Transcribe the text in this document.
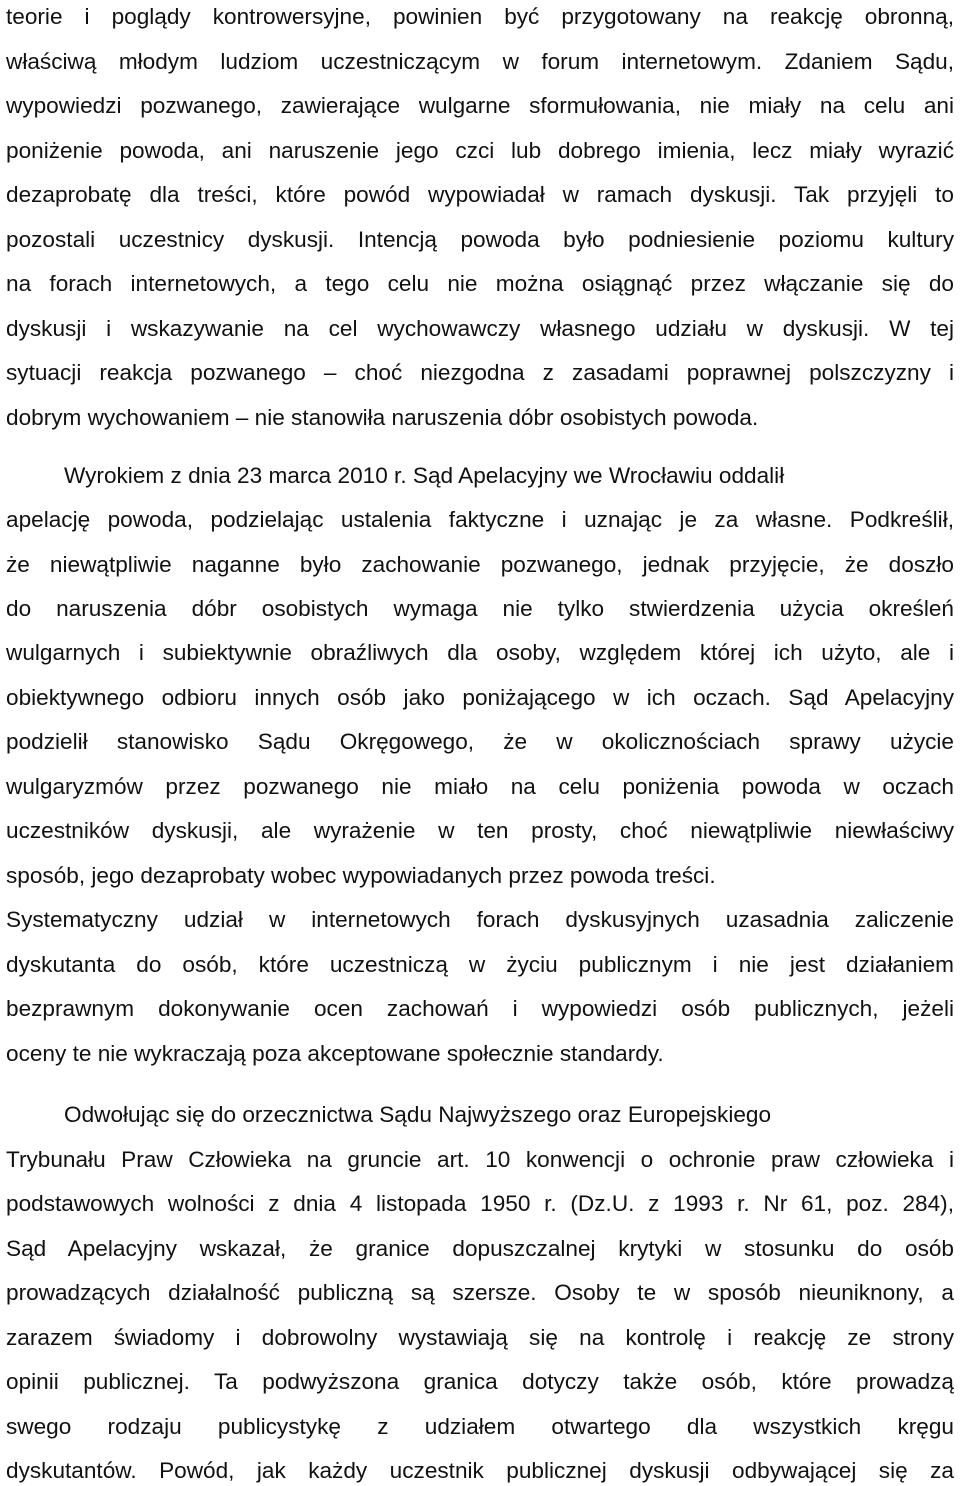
teorie i poglądy kontrowersyjne, powinien być przygotowany na reakcję obronną,
właściwą młodym ludziom uczestniczącym w forum internetowym. Zdaniem Sądu,
wypowiedzi pozwanego, zawierające wulgarne sformułowania, nie miały na celu ani
poniżenie powoda, ani naruszenie jego czci lub dobrego imienia, lecz miały wyrazić
dezaprobatę dla treści, które powód wypowiadał w ramach dyskusji. Tak przyjęli to
pozostali uczestnicy dyskusji. Intencją powoda było podniesienie poziomu kultury
na forach internetowych, a tego celu nie można osiągnąć przez włączanie się do
dyskusji i wskazywanie na cel wychowawczy własnego udziału w dyskusji. W tej
sytuacji reakcja pozwanego – choć niezgodna z zasadami poprawnej polszczyzny i
dobrym wychowaniem – nie stanowiła naruszenia dóbr osobistych powoda.
Wyrokiem z dnia 23 marca 2010 r. Sąd Apelacyjny we Wrocławiu oddalił
apelację powoda, podzielając ustalenia faktyczne i uznając je za własne. Podkreślił,
że niewątpliwie naganne było zachowanie pozwanego, jednak przyjęcie, że doszło
do naruszenia dóbr osobistych wymaga nie tylko stwierdzenia użycia określeń
wulgarnych i subiektywnie obraźliwych dla osoby, względem której ich użyto, ale i
obiektywnego odbioru innych osób jako poniżającego w ich oczach. Sąd Apelacyjny
podzielił stanowisko Sądu Okręgowego, że w okolicznościach sprawy użycie
wulgaryzmów przez pozwanego nie miało na celu poniżenia powoda w oczach
uczestników dyskusji, ale wyrażenie w ten prosty, choć niewątpliwie niewłaściwy
sposób, jego dezaprobaty wobec wypowiadanych przez powoda treści.
Systematyczny udział w internetowych forach dyskusyjnych uzasadnia zaliczenie
dyskutanta do osób, które uczestniczą w życiu publicznym i nie jest działaniem
bezprawnym dokonywanie ocen zachowań i wypowiedzi osób publicznych, jeżeli
oceny te nie wykraczają poza akceptowane społecznie standardy.
Odwołując się do orzecznictwa Sądu Najwyższego oraz Europejskiego
Trybunału Praw Człowieka na gruncie art. 10 konwencji o ochronie praw człowieka i
podstawowych wolności z dnia 4 listopada 1950 r. (Dz.U. z 1993 r. Nr 61, poz. 284),
Sąd Apelacyjny wskazał, że granice dopuszczalnej krytyki w stosunku do osób
prowadzących działalność publiczną są szersze. Osoby te w sposób nieuniknony, a
zarazem świadomy i dobrowolny wystawiają się na kontrolę i reakcję ze strony
opinii publicznej. Ta podwyższona granica dotyczy także osób, które prowadzą
swego rodzaju publicystykę z udziałem otwartego dla wszystkich kręgu
dyskutantów. Powód, jak każdy uczestnik publicznej dyskusji odbywającej się za
